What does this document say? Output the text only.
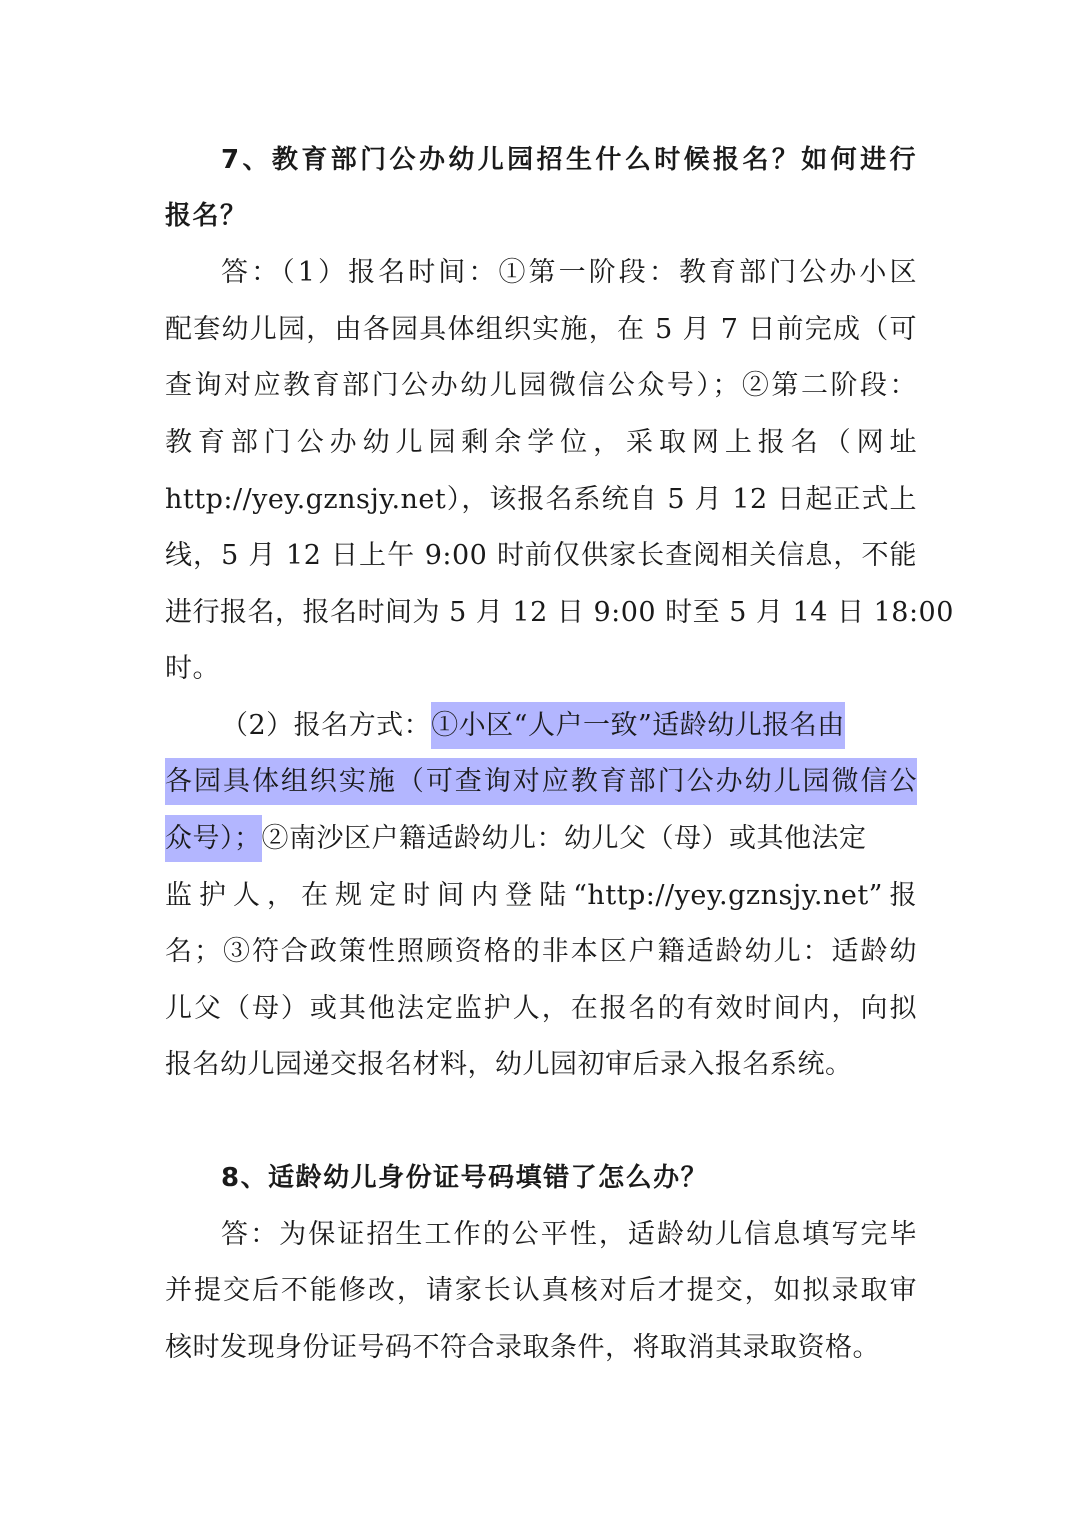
7、教育部门公办幼儿园招生什么时候报名？如何进行
报名？
答：（1）报名时间：①第一阶段：教育部门公办小区
配套幼儿园，由各园具体组织实施，在 5 月 7 日前完成（可
查询对应教育部门公办幼儿园微信公众号）；②第二阶段：
教育部门公办幼儿园剩余学位，采取网上报名（网址
http://yey.gznsjy.net），该报名系统自 5 月 12 日起正式上
线，5 月 12 日上午 9:00 时前仅供家长查阅相关信息，不能
进行报名，报名时间为 5 月 12 日 9:00 时至 5 月 14 日 18:00
时。
（2）报名方式：①小区“人户一致”适龄幼儿报名由
各园具体组织实施（可查询对应教育部门公办幼儿园微信公
众号）；②南沙区户籍适龄幼儿：幼儿父（母）或其他法定
监护人，在规定时间内登陆“http://yey.gznsjy.net”报
名；③符合政策性照顾资格的非本区户籍适龄幼儿：适龄幼
儿父（母）或其他法定监护人，在报名的有效时间内，向拟
报名幼儿园递交报名材料，幼儿园初审后录入报名系统。
8、适龄幼儿身份证号码填错了怎么办？
答：为保证招生工作的公平性，适龄幼儿信息填写完毕
并提交后不能修改，请家长认真核对后才提交，如拟录取审
核时发现身份证号码不符合录取条件，将取消其录取资格。
